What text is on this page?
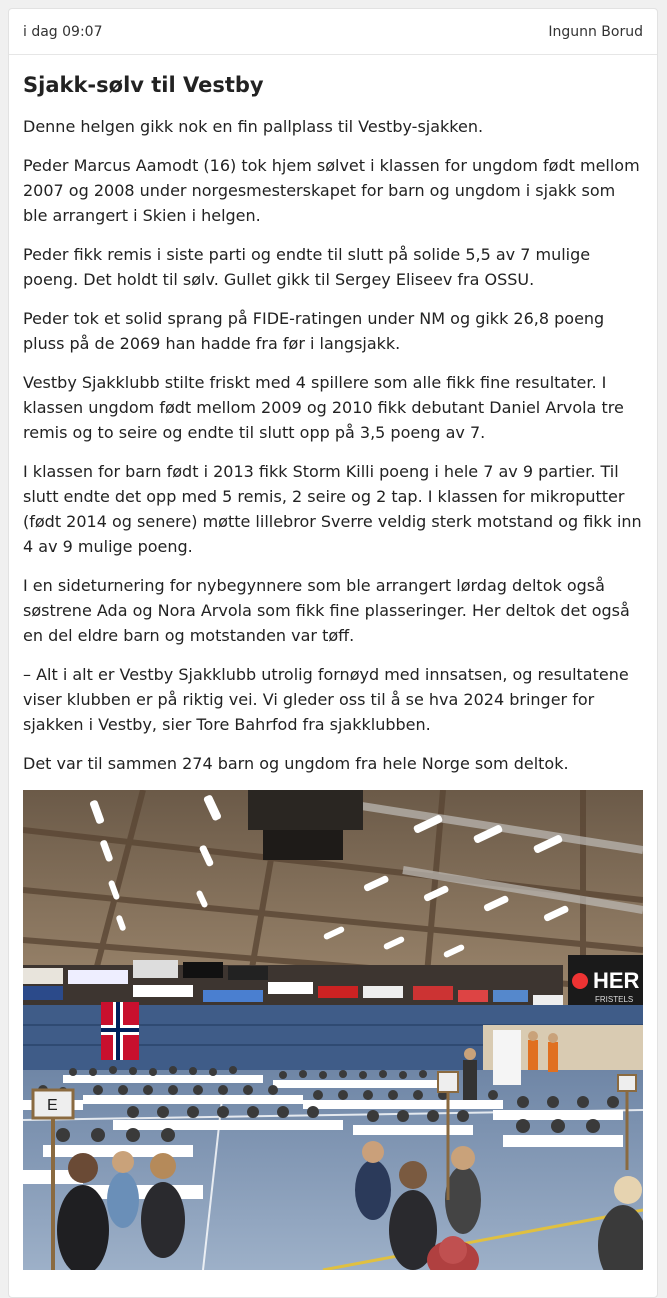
i dag 09:07	Ingunn Borud
Sjakk-sølv til Vestby

Denne helgen gikk nok en fin pallplass til Vestby-sjakken.

Peder Marcus Aamodt (16) tok hjem sølvet i klassen for ungdom født mellom 2007 og 2008 under norgesmesterskapet for barn og ungdom i sjakk som ble arrangert i Skien i helgen.

Peder fikk remis i siste parti og endte til slutt på solide 5,5 av 7 mulige poeng. Det holdt til sølv. Gullet gikk til Sergey Eliseev fra OSSU.

Peder tok et solid sprang på FIDE-ratingen under NM og gikk 26,8 poeng pluss på de 2069 han hadde fra før i langsjakk.

Vestby Sjakklubb stilte friskt med 4 spillere som alle fikk fine resultater. I klassen ungdom født mellom 2009 og 2010 fikk debutant Daniel Arvola tre remis og to seire og endte til slutt opp på 3,5 poeng av 7.

I klassen for barn født i 2013 fikk Storm Killi poeng i hele 7 av 9 partier. Til slutt endte det opp med 5 remis, 2 seire og 2 tap. I klassen for mikroputter (født 2014 og senere) møtte lillebror Sverre veldig sterk motstand og fikk inn 4 av 9 mulige poeng.

I en sideturnering for nybegynnere som ble arrangert lørdag deltok også søstrene Ada og Nora Arvola som fikk fine plasseringer. Her deltok det også en del eldre barn og motstanden var tøff.

– Alt i alt er Vestby Sjakklubb utrolig fornøyd med innsatsen, og resultatene viser klubben er på riktig vei. Vi gleder oss til å se hva 2024 bringer for sjakken i Vestby, sier Tore Bahrfod fra sjakklubben.

Det var til sammen 274 barn og ungdom fra hele Norge som deltok.

HER
FRISTELS
E
